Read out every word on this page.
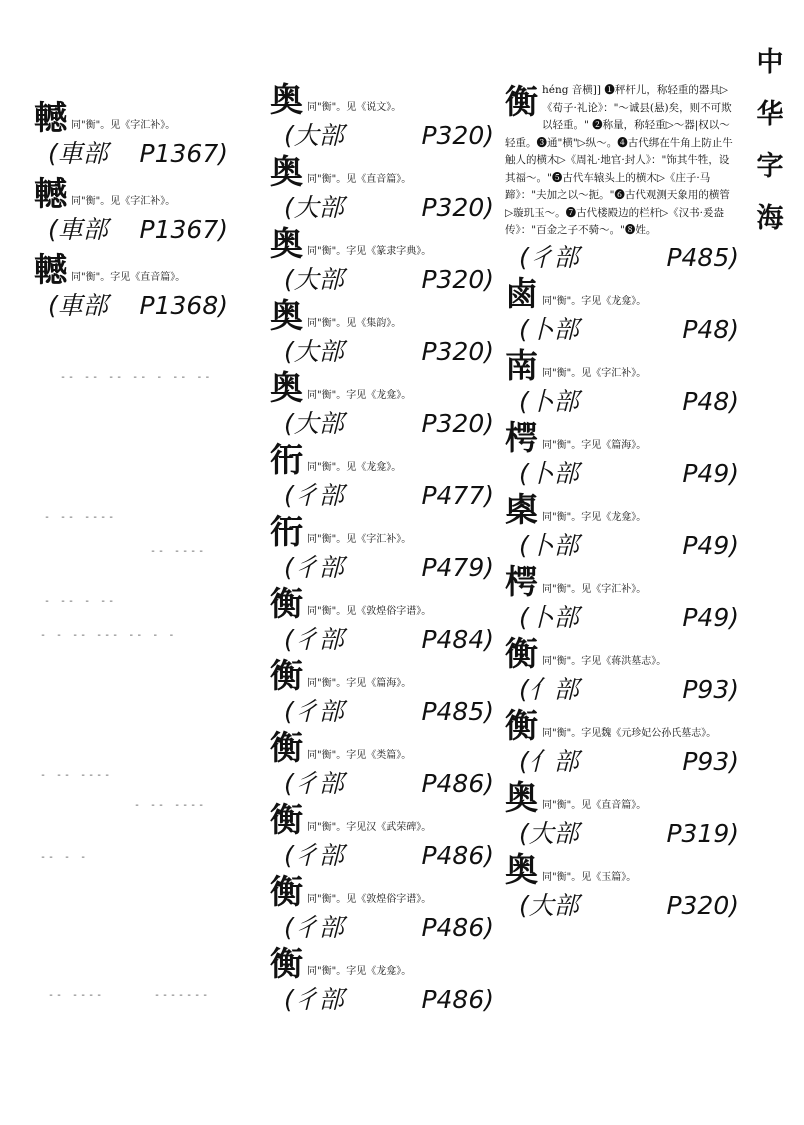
中
华
字
海
-- -- -- -- - -- --
- -- ----
-- ----
- -- - --
- - -- --- -- - -
- -- ----
- -- ----
-- - -
-- ----	-------
轗 同"衡"。见《字汇补》。
(車部 P1367)
轗 同"衡"。见《字汇补》。
(車部 P1367)
轗 同"衡"。字见《直音篇》。
(車部 P1368)
奥 同"衡"。见《说文》。
(大部	P320)
奥 同"衡"。见《直音篇》。
(大部	P320)
奥 同"衡"。字见《篆隶字典》。
(大部	P320)
奥 同"衡"。见《集韵》。
(大部	P320)
奥 同"衡"。字见《龙龛》。
(大部	P320)
衎 同"衡"。见《龙龛》。
(彳部	P477)
衎 同"衡"。见《字汇补》。
(彳部	P479)
衡 同"衡"。见《敦煌俗字谱》。
(彳部	P484)
衡 同"衡"。字见《篇海》。
(彳部	P485)
衡 同"衡"。字见《类篇》。
(彳部	P486)
衡 同"衡"。字见汉《武荣碑》。
(彳部	P486)
衡 同"衡"。见《敦煌俗字谱》。
(彳部	P486)
衡 同"衡"。字见《龙龛》。
(彳部	P486)
衡 héng 音横]] ❶秤杆儿，称轻重的器具▷《荀子·礼论》："～诚县(悬)矣，则不可欺以轻重。" ❷称量，称轻重▷～器|权以～轻重。❸通"横"▷纵～。❹古代绑在牛角上防止牛触人的横木▷《周礼·地官·封人》："饰其牛牲，设其福～。"❺古代车辕头上的横木▷《庄子·马蹄》："夫加之以～扼。"❻古代观测天象用的横管▷璇玑玉～。❼古代楼殿边的栏杆▷《汉书·爰盎传》："百金之子不骑～。"❽姓。
(彳部	P485)
鹵 同"衡"。字见《龙龛》。
(卜部	P48)
南 同"衡"。见《字汇补》。
(卜部	P48)
㮙 同"衡"。字见《篇海》。
(卜部	P49)
㮚 同"衡"。字见《龙龛》。
(卜部	P49)
㮙 同"衡"。见《字汇补》。
(卜部	P49)
衡 同"衡"。字见《蒋洪墓志》。
(亻部	P93)
衡 同"衡"。字见魏《元珍妃公孙氏墓志》。
(亻部	P93)
奥 同"衡"。见《直音篇》。
(大部	P319)
奥 同"衡"。见《玉篇》。
(大部	P320)
